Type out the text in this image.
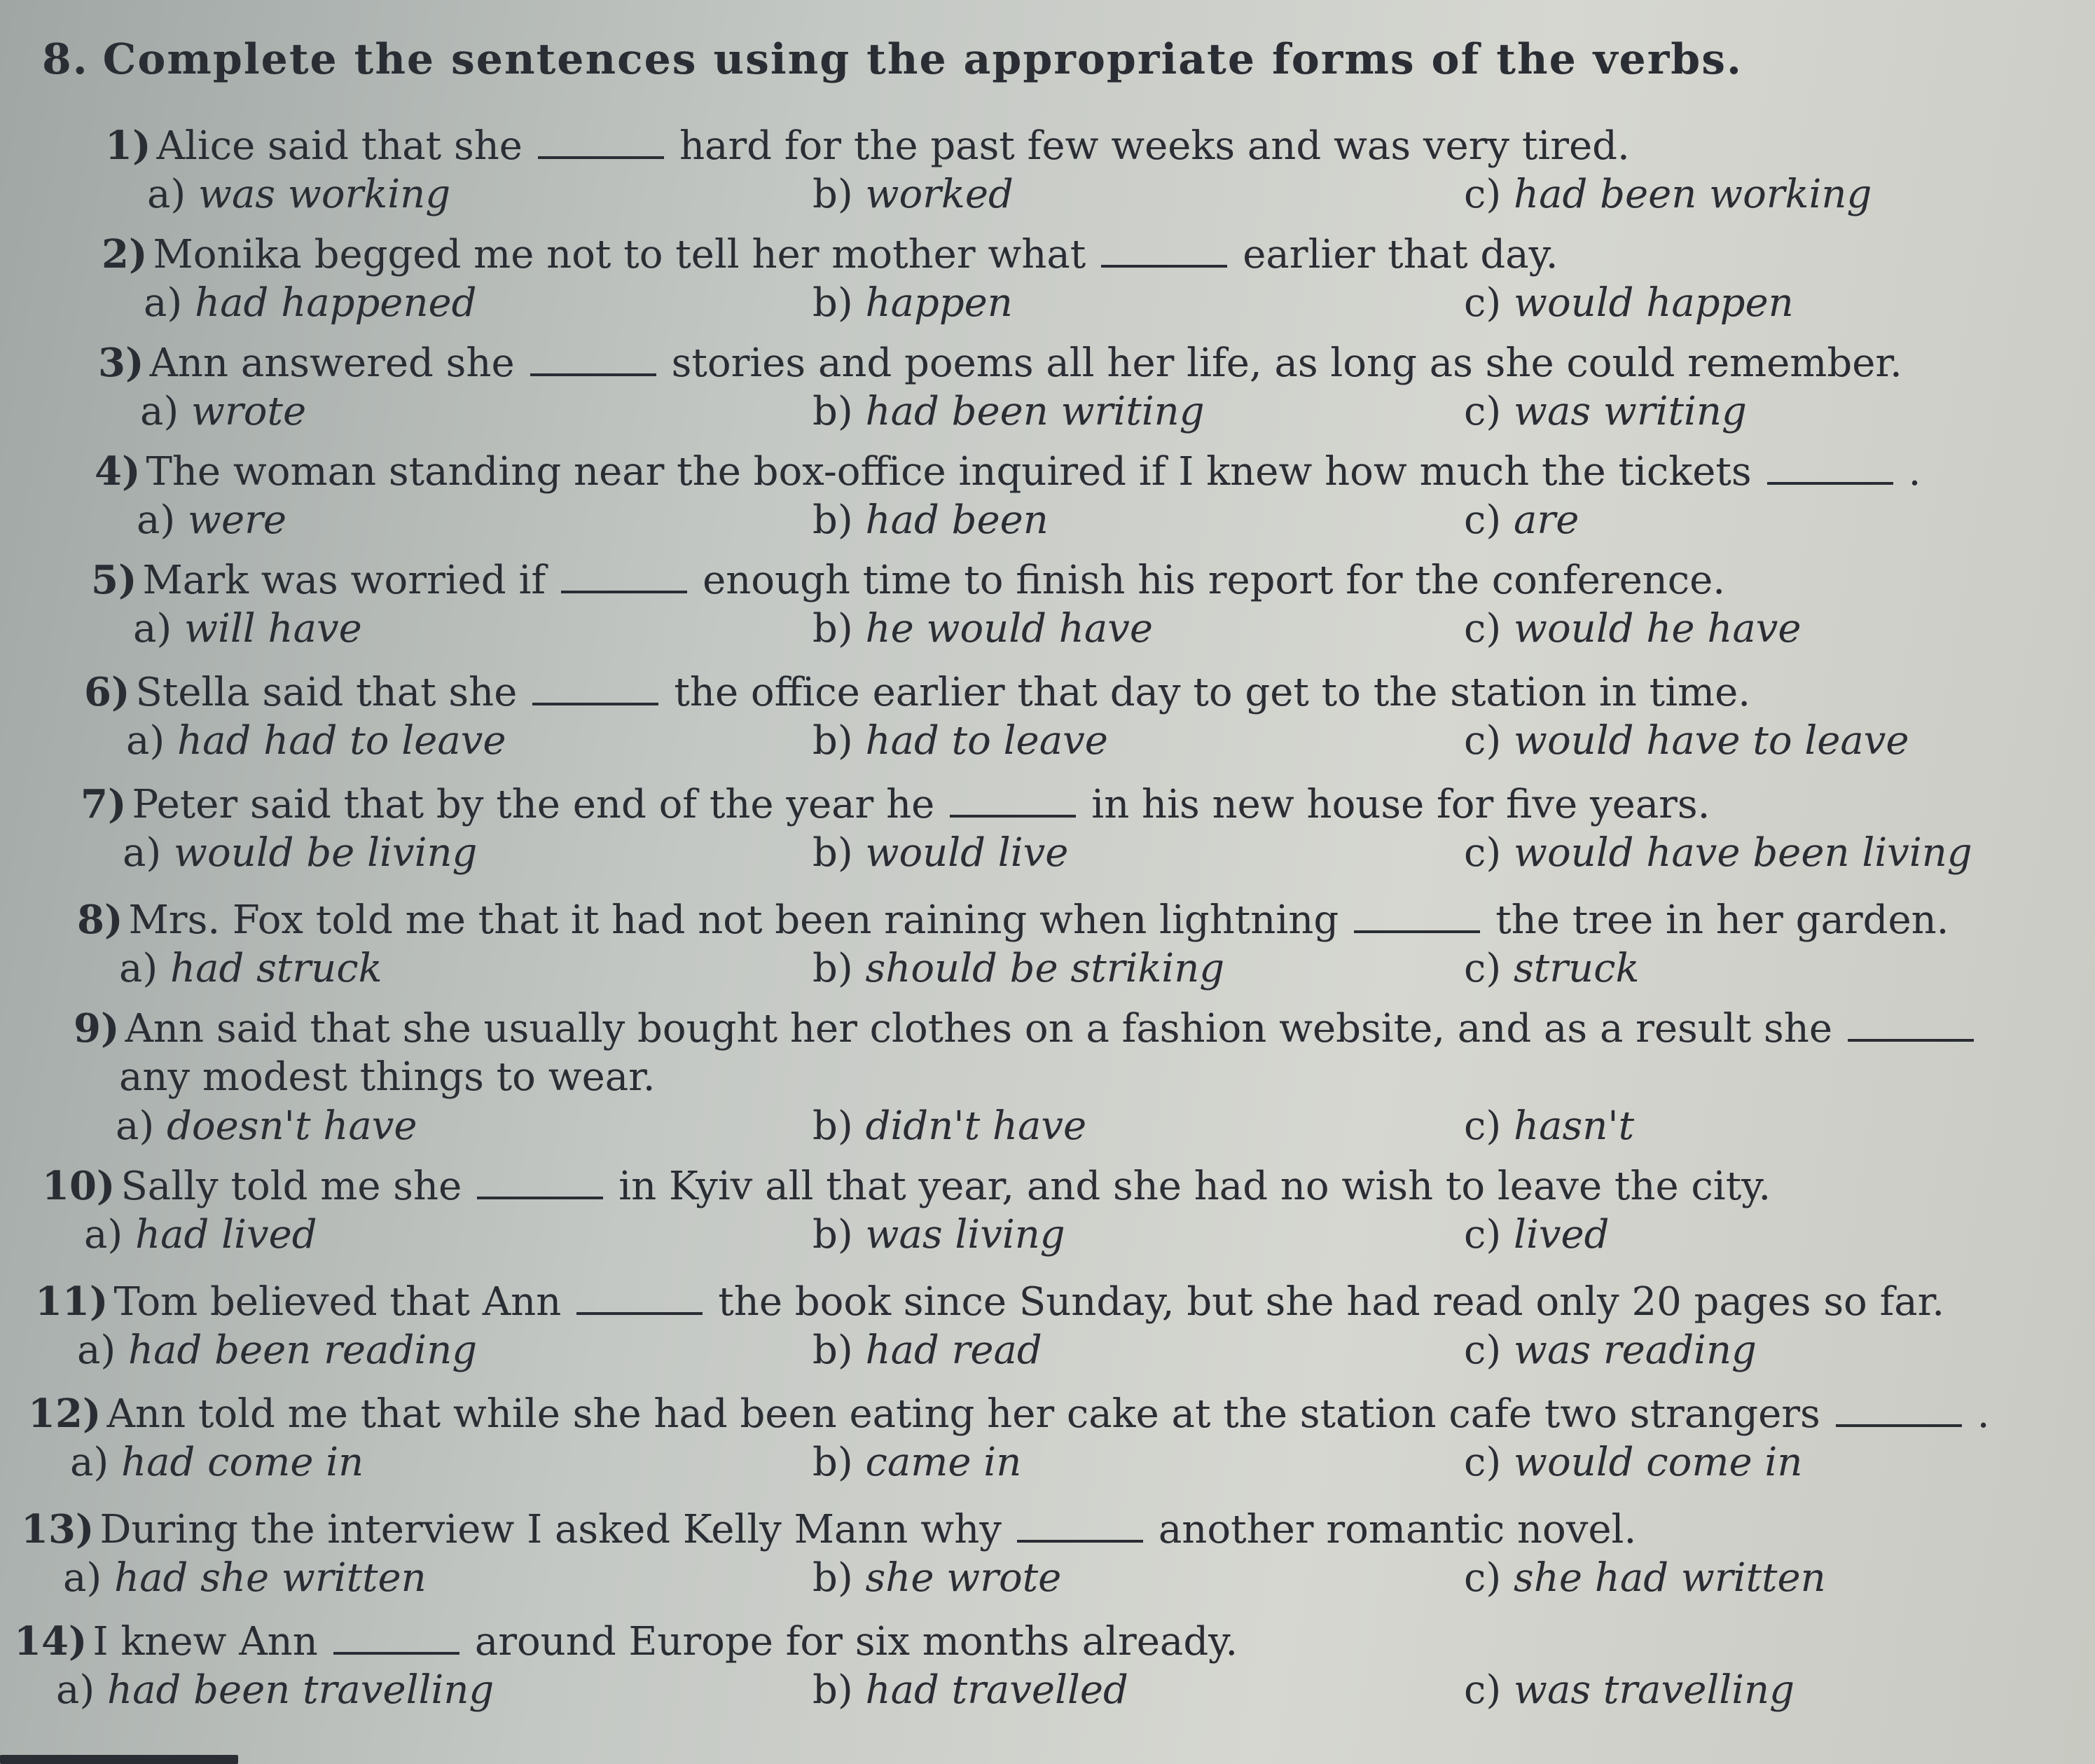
8. Complete the sentences using the appropriate forms of the verbs.
1) Alice said that she	hard for the past few weeks and was very tired.
a) was working	b) worked	c) had been working
2) Monika begged me not to tell her mother what	earlier that day.
a) had happened	b) happen	c) would happen
3) Ann answered she	stories and poems all her life, as long as she could remember.
a) wrote	b) had been writing	c) was writing
4) The woman standing near the box-office inquired if I knew how much the tickets	.
a) were	b) had been	c) are
5) Mark was worried if	enough time to finish his report for the conference.
a) will have	b) he would have	c) would he have
6) Stella said that she	the office earlier that day to get to the station in time.
a) had had to leave	b) had to leave	c) would have to leave
7) Peter said that by the end of the year he	in his new house for five years.
a) would be living	b) would live	c) would have been living
8) Mrs. Fox told me that it had not been raining when lightning	the tree in her garden.
a) had struck	b) should be striking	c) struck
9) Ann said that she usually bought her clothes on a fashion website, and as a result she
any modest things to wear.
a) doesn't have	b) didn't have	c) hasn't
10) Sally told me she	in Kyiv all that year, and she had no wish to leave the city.
a) had lived	b) was living	c) lived
11) Tom believed that Ann	the book since Sunday, but she had read only 20 pages so far.
a) had been reading	b) had read	c) was reading
12) Ann told me that while she had been eating her cake at the station cafe two strangers	.
a) had come in	b) came in	c) would come in
13) During the interview I asked Kelly Mann why	another romantic novel.
a) had she written	b) she wrote	c) she had written
14) I knew Ann	around Europe for six months already.
a) had been travelling	b) had travelled	c) was travelling
